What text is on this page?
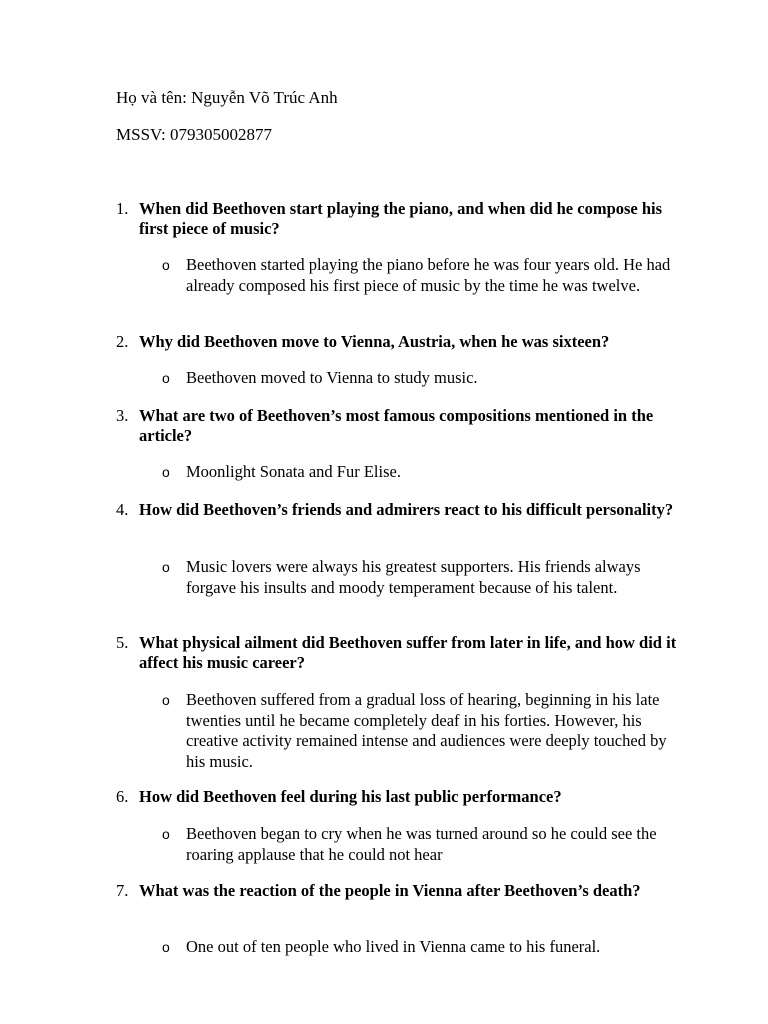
Họ và tên: Nguyễn Võ Trúc Anh
MSSV: 079305002877
1. When did Beethoven start playing the piano, and when did he compose his first piece of music?
o Beethoven started playing the piano before he was four years old. He had already composed his first piece of music by the time he was twelve.
2. Why did Beethoven move to Vienna, Austria, when he was sixteen?
o Beethoven moved to Vienna to study music.
3. What are two of Beethoven’s most famous compositions mentioned in the article?
o Moonlight Sonata and Fur Elise.
4. How did Beethoven’s friends and admirers react to his difficult personality?
o Music lovers were always his greatest supporters. His friends always forgave his insults and moody temperament because of his talent.
5. What physical ailment did Beethoven suffer from later in life, and how did it affect his music career?
o Beethoven suffered from a gradual loss of hearing, beginning in his late twenties until he became completely deaf in his forties. However, his creative activity remained intense and audiences were deeply touched by his music.
6. How did Beethoven feel during his last public performance?
o Beethoven began to cry when he was turned around so he could see the roaring applause that he could not hear
7. What was the reaction of the people in Vienna after Beethoven’s death?
o One out of ten people who lived in Vienna came to his funeral.
